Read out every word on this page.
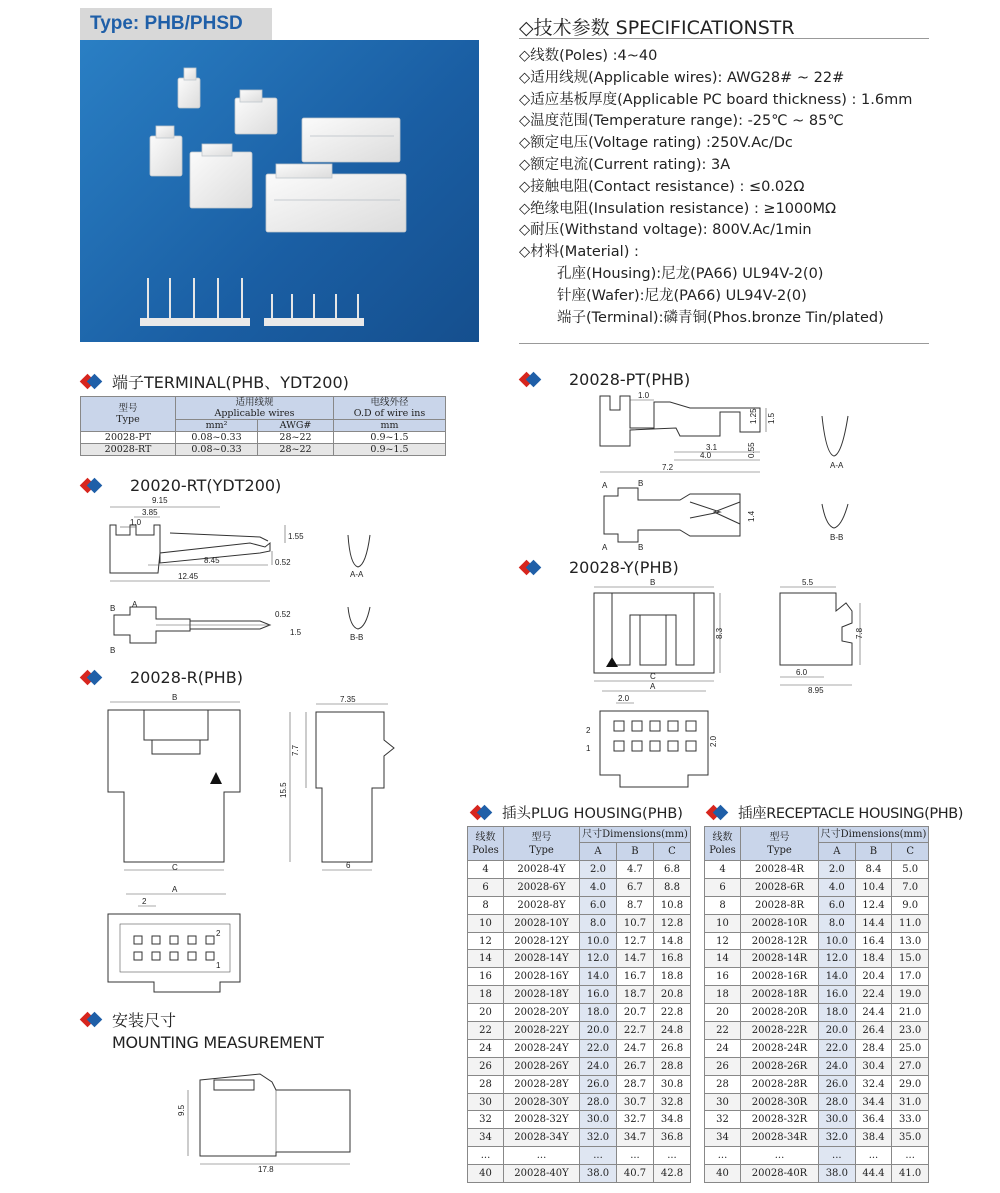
Type: PHB/PHSD	◇技术参数 SPECIFICATIONSTR
◇线数(Poles) :4~40
◇适用线规(Applicable wires): AWG28# ~ 22#
◇适应基板厚度(Applicable PC board thickness) : 1.6mm
◇温度范围(Temperature range): -25℃ ~ 85℃
◇额定电压(Voltage rating) :250V.Ac/Dc
◇额定电流(Current rating): 3A
◇接触电阻(Contact resistance) : ≤0.02Ω
◇绝缘电阻(Insulation resistance) : ≥1000MΩ
◇耐压(Withstand voltage): 800V.Ac/1min
◇材料(Material) :
孔座(Housing):尼龙(PA66) UL94V-2(0)
针座(Wafer):尼龙(PA66) UL94V-2(0)
端子(Terminal):磷青铜(Phos.bronze Tin/plated)
端子TERMINAL(PHB、YDT200)
型号
Type	适用线规
Applicable wires		电线外径
O.D of wire ins
	mm²	AWG#	mm
20028-PT	0.08~0.33	28~22	0.9~1.5
20028-RT	0.08~0.33	28~22	0.9~1.5
20020-RT(YDT200)
9.15
3.85
1.0
1.55
0.52
8.45
12.45	A-A
B A
B
0.52
1.5
B-B
20028-R(PHB)
B
C
7.35
7.7
15.5
6
A
2
2
1
安装尺寸
MOUNTING MEASUREMENT
9.5
17.8
20028-PT(PHB)
1.0
1.25 1.5
3.1
4.0	0.55
7.2	A-A
A	B
A	B
1.4
B-B
20028-Y(PHB)
B
8.3
C
A
5.5
7.8
6.0
8.95
2.0
2.0
2
1
插头PLUG HOUSING(PHB)
线数
Poles	型号
Type	尺寸Dimensions(mm)		
		A	B	C
4	20028-4Y	2.0	4.7	6.8
6	20028-6Y	4.0	6.7	8.8
8	20028-8Y	6.0	8.7	10.8
10	20028-10Y	8.0	10.7	12.8
12	20028-12Y	10.0	12.7	14.8
14	20028-14Y	12.0	14.7	16.8
16	20028-16Y	14.0	16.7	18.8
18	20028-18Y	16.0	18.7	20.8
20	20028-20Y	18.0	20.7	22.8
22	20028-22Y	20.0	22.7	24.8
24	20028-24Y	22.0	24.7	26.8
26	20028-26Y	24.0	26.7	28.8
28	20028-28Y	26.0	28.7	30.8
30	20028-30Y	28.0	30.7	32.8
32	20028-32Y	30.0	32.7	34.8
34	20028-34Y	32.0	34.7	36.8
...	...	...	...	...
40	20028-40Y	38.0	40.7	42.8
插座RECEPTACLE HOUSING(PHB)
线数
Poles	型号
Type	尺寸Dimensions(mm)		
		A	B	C
4	20028-4R	2.0	8.4	5.0
6	20028-6R	4.0	10.4	7.0
8	20028-8R	6.0	12.4	9.0
10	20028-10R	8.0	14.4	11.0
12	20028-12R	10.0	16.4	13.0
14	20028-14R	12.0	18.4	15.0
16	20028-16R	14.0	20.4	17.0
18	20028-18R	16.0	22.4	19.0
20	20028-20R	18.0	24.4	21.0
22	20028-22R	20.0	26.4	23.0
24	20028-24R	22.0	28.4	25.0
26	20028-26R	24.0	30.4	27.0
28	20028-28R	26.0	32.4	29.0
30	20028-30R	28.0	34.4	31.0
32	20028-32R	30.0	36.4	33.0
34	20028-34R	32.0	38.4	35.0
...	...	...	...	...
40	20028-40R	38.0	44.4	41.0
